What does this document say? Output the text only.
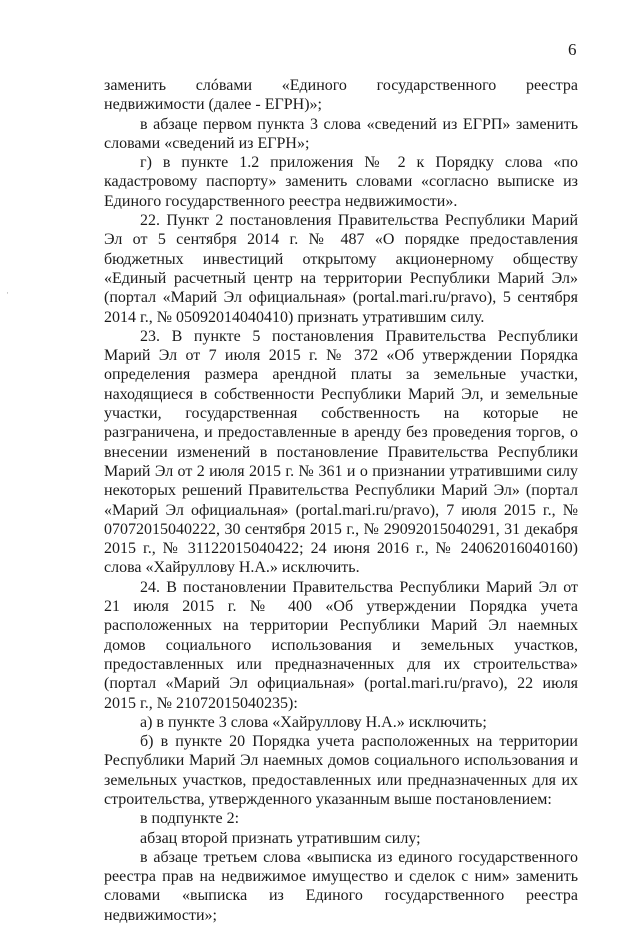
6
·

заменить слóвами «Единого государственного реестра недвижимости (далее - ЕГРН)»;

в абзаце первом пункта 3 слова «сведений из ЕГРП» заменить словами «сведений из ЕГРН»;

г) в пункте 1.2 приложения № 2 к Порядку слова «по кадастровому паспорту» заменить словами «согласно выписке из Единого государственного реестра недвижимости».

22. Пункт 2 постановления Правительства Республики Марий Эл от 5 сентября 2014 г. № 487 «О порядке предоставления бюджетных инвестиций открытому акционерному обществу «Единый расчетный центр на территории Республики Марий Эл» (портал «Марий Эл официальная» (portal.mari.ru/pravo), 5 сентября 2014 г., № 05092014040410) признать утратившим силу.

23. В пункте 5 постановления Правительства Республики Марий Эл от 7 июля 2015 г. № 372 «Об утверждении Порядка определения размера арендной платы за земельные участки, находящиеся в собственности Республики Марий Эл, и земельные участки, государственная собственность на которые не разграничена, и предоставленные в аренду без проведения торгов, о внесении изменений в постановление Правительства Республики Марий Эл от 2 июля 2015 г. № 361 и о признании утратившими силу некоторых решений Правительства Республики Марий Эл» (портал «Марий Эл официальная» (portal.mari.ru/pravo), 7 июля 2015 г., № 07072015040222, 30 сентября 2015 г., № 29092015040291, 31 декабря 2015 г., № 31122015040422; 24 июня 2016 г., № 24062016040160) слова «Хайруллову Н.А.» исключить.

24. В постановлении Правительства Республики Марий Эл от 21 июля 2015 г. № 400 «Об утверждении Порядка учета расположенных на территории Республики Марий Эл наемных домов социального использования и земельных участков, предоставленных или предназначенных для их строительства» (портал «Марий Эл официальная» (portal.mari.ru/pravo), 22 июля 2015 г., № 21072015040235):

а) в пункте 3 слова «Хайруллову Н.А.» исключить;

б) в пункте 20 Порядка учета расположенных на территории Республики Марий Эл наемных домов социального использования и земельных участков, предоставленных или предназначенных для их строительства, утвержденного указанным выше постановлением:

в подпункте 2:

абзац второй признать утратившим силу;

в абзаце третьем слова «выписка из единого государственного реестра прав на недвижимое имущество и сделок с ним» заменить словами «выписка из Единого государственного реестра недвижимости»;
